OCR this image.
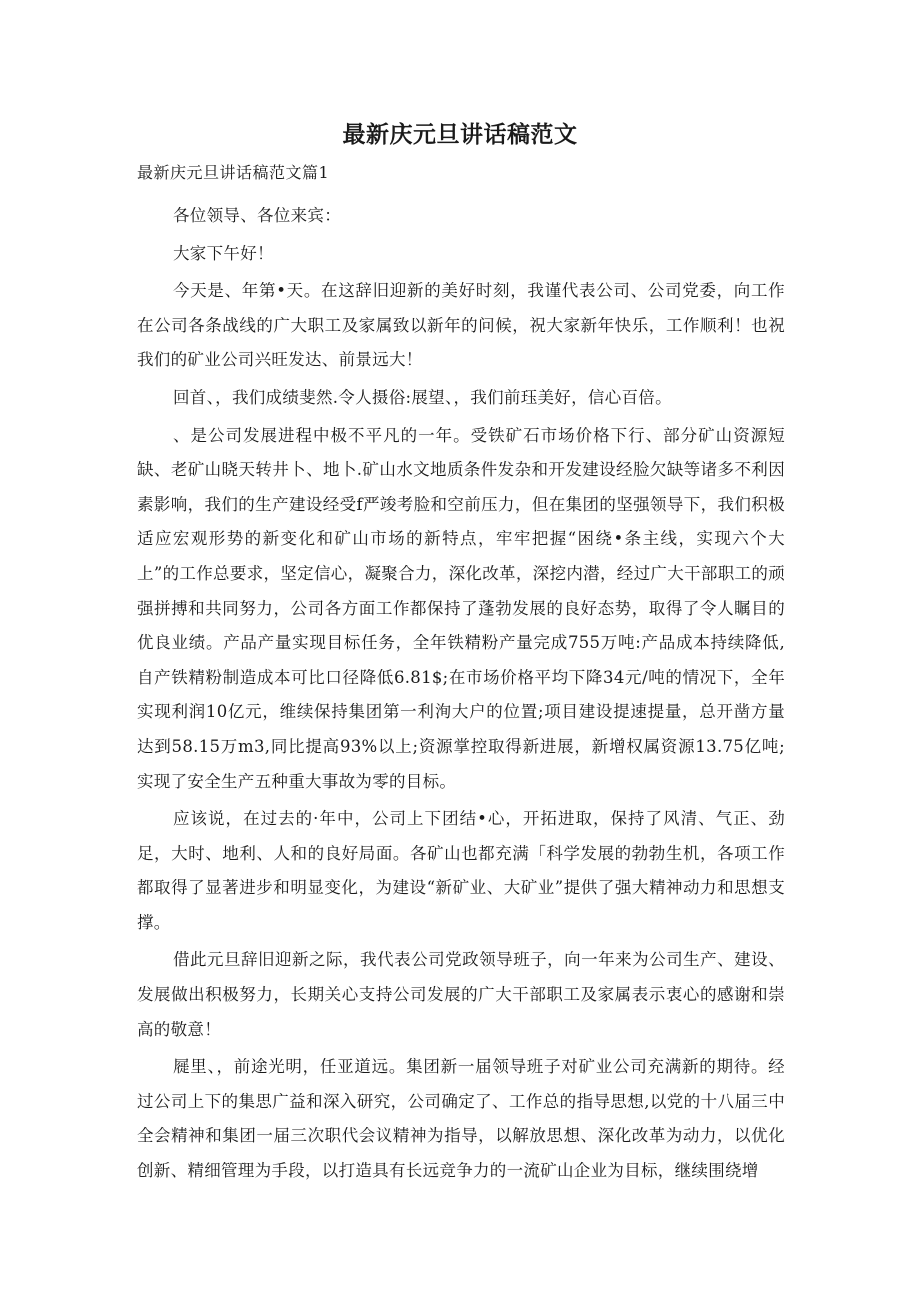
最新庆元旦讲话稿范文

最新庆元旦讲话稿范文篇1

各位领导、各位来宾：

大家下午好！

今天是、年第•天。在这辞旧迎新的美好时刻，我谨代表公司、公司党委，向工作在公司各条战线的广大职工及家属致以新年的问候，祝大家新年快乐，工作顺利！也祝我们的矿业公司兴旺发达、前景远大！

回首、，我们成绩斐然.令人摄俗:展望、，我们前珏美好，信心百倍。

、是公司发展进程中极不平凡的一年。受铁矿石市场价格下行、部分矿山资源短缺、老矿山晓天转井卜、地卜.矿山水文地质条件发杂和开发建设经脸欠缺等诸多不利因素影响，我们的生产建设经受f严竣考脸和空前压力，但在集团的坚强领导下，我们积极适应宏观形势的新变化和矿山市场的新特点，牢牢把握“困绕•条主线，实现六个大上”的工作总要求，坚定信心，凝聚合力，深化改革，深挖内潜，经过广大干部职工的顽强拼搏和共同努力，公司各方面工作都保持了蓬勃发展的良好态势，取得了令人瞩目的优良业绩。产品产量实现目标任务，全年铁精粉产量完成755万吨:产品成本持续降低,自产铁精粉制造成本可比口径降低6.81$;在市场价格平均下降34元/吨的情况下，全年实现利润10亿元，维续保持集团第一利洵大户的位置;项目建设提速提量，总开凿方量达到58.15万m3,同比提高93%以上;资源掌控取得新进展，新增权属资源13.75亿吨;实现了安全生产五种重大事故为零的目标。

应该说，在过去的·年中，公司上下团结•心，开拓进取，保持了风清、气正、劲足，大时、地利、人和的良好局面。各矿山也都充满「科学发展的勃勃生机，各项工作都取得了显著进步和明显变化，为建设“新矿业、大矿业”提供了强大精神动力和思想支撑。

借此元旦辞旧迎新之际，我代表公司党政领导班子，向一年来为公司生产、建设、发展做出积极努力，长期关心支持公司发展的广大干部职工及家属表示衷心的感谢和崇高的敬意！

屣里、，前途光明，任亚道远。集团新一届领导班子对矿业公司充满新的期待。经过公司上下的集思广益和深入研究，公司确定了、工作总的指导思想,以党的十八届三中全会精神和集团一届三次职代会议精神为指导，以解放思想、深化改革为动力，以优化创新、精细管理为手段，以打造具有长远竞争力的一流矿山企业为目标，继续围绕增
